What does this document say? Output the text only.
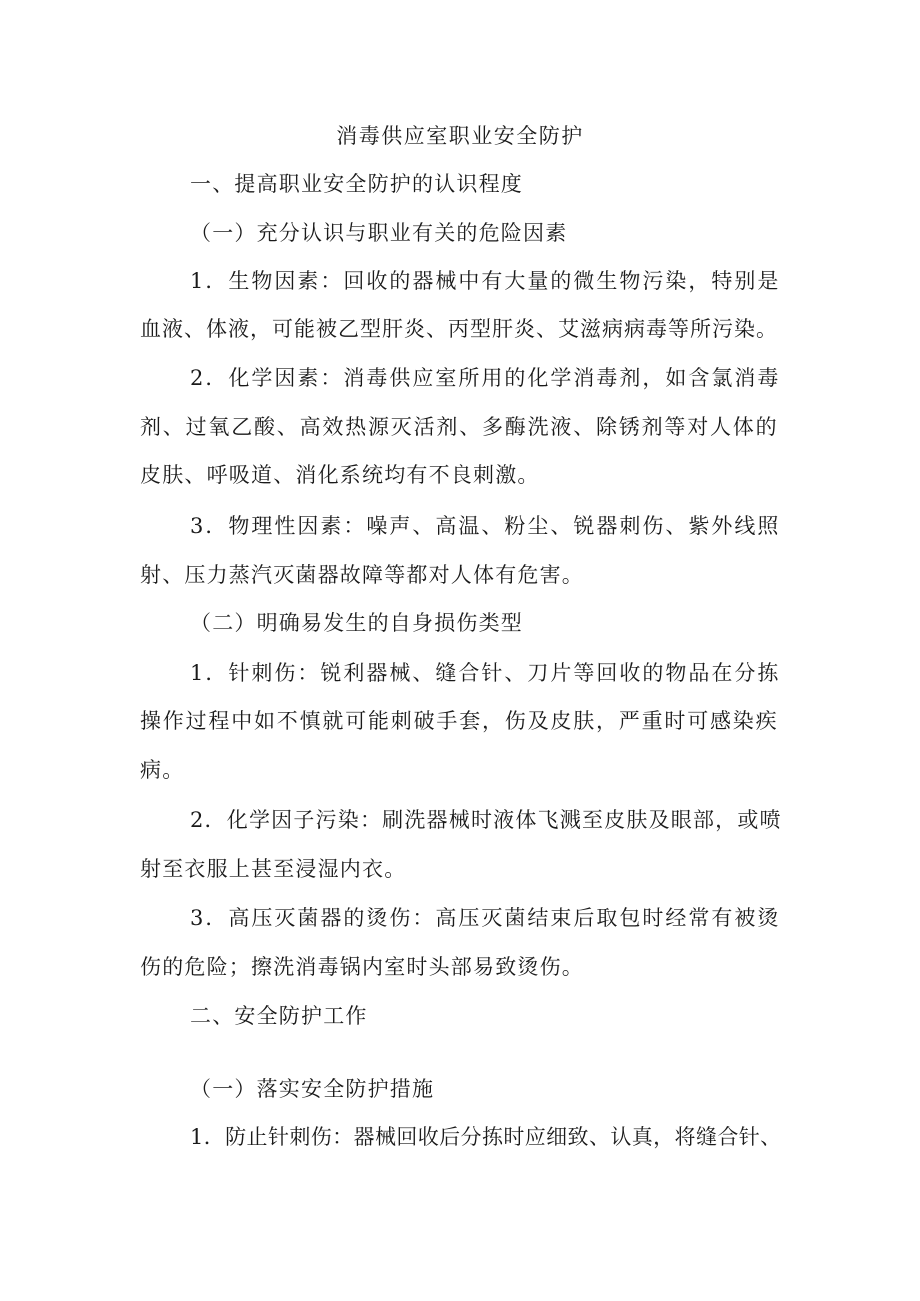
消毒供应室职业安全防护
一、提高职业安全防护的认识程度
（一）充分认识与职业有关的危险因素
1．生物因素：回收的器械中有大量的微生物污染，特别是
血液、体液，可能被乙型肝炎、丙型肝炎、艾滋病病毒等所污染。
2．化学因素：消毒供应室所用的化学消毒剂，如含氯消毒
剂、过氧乙酸、高效热源灭活剂、多酶洗液、除锈剂等对人体的
皮肤、呼吸道、消化系统均有不良刺激。
3．物理性因素：噪声、高温、粉尘、锐器刺伤、紫外线照
射、压力蒸汽灭菌器故障等都对人体有危害。
（二）明确易发生的自身损伤类型
1．针刺伤：锐利器械、缝合针、刀片等回收的物品在分拣
操作过程中如不慎就可能刺破手套，伤及皮肤，严重时可感染疾
病。
2．化学因子污染：刷洗器械时液体飞溅至皮肤及眼部，或喷
射至衣服上甚至浸湿内衣。
3．高压灭菌器的烫伤：高压灭菌结束后取包时经常有被烫
伤的危险；擦洗消毒锅内室时头部易致烫伤。
二、安全防护工作
（一）落实安全防护措施
1．防止针刺伤：器械回收后分拣时应细致、认真，将缝合针、
